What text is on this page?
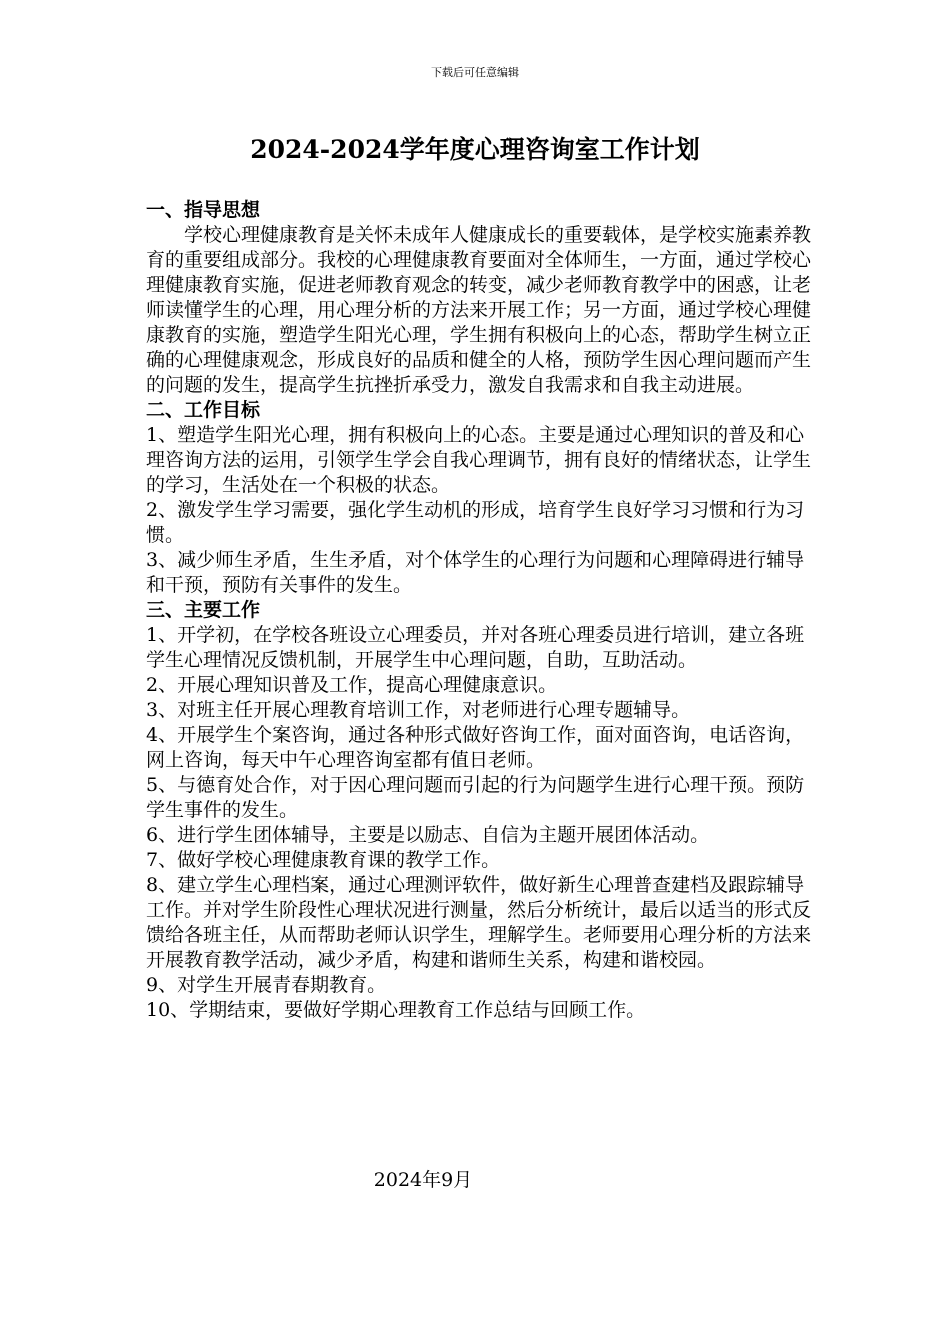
下载后可任意编辑
2024-2024学年度心理咨询室工作计划

一、指导思想

学校心理健康教育是关怀未成年人健康成长的重要载体，是学校实施素养教育的重要组成部分。我校的心理健康教育要面对全体师生，一方面，通过学校心理健康教育实施，促进老师教育观念的转变，减少老师教育教学中的困惑，让老师读懂学生的心理，用心理分析的方法来开展工作；另一方面，通过学校心理健康教育的实施，塑造学生阳光心理，学生拥有积极向上的心态，帮助学生树立正确的心理健康观念，形成良好的品质和健全的人格，预防学生因心理问题而产生的问题的发生，提高学生抗挫折承受力，激发自我需求和自我主动进展。

二、工作目标

1、塑造学生阳光心理，拥有积极向上的心态。主要是通过心理知识的普及和心理咨询方法的运用，引领学生学会自我心理调节，拥有良好的情绪状态，让学生的学习，生活处在一个积极的状态。

2、激发学生学习需要，强化学生动机的形成，培育学生良好学习习惯和行为习惯。

3、减少师生矛盾，生生矛盾，对个体学生的心理行为问题和心理障碍进行辅导和干预，预防有关事件的发生。

三、主要工作

1、开学初，在学校各班设立心理委员，并对各班心理委员进行培训，建立各班学生心理情况反馈机制，开展学生中心理问题，自助，互助活动。

2、开展心理知识普及工作，提高心理健康意识。

3、对班主任开展心理教育培训工作，对老师进行心理专题辅导。

4、开展学生个案咨询，通过各种形式做好咨询工作，面对面咨询，电话咨询，网上咨询，每天中午心理咨询室都有值日老师。

5、与德育处合作，对于因心理问题而引起的行为问题学生进行心理干预。预防学生事件的发生。

6、进行学生团体辅导，主要是以励志、自信为主题开展团体活动。

7、做好学校心理健康教育课的教学工作。

8、建立学生心理档案，通过心理测评软件，做好新生心理普查建档及跟踪辅导工作。并对学生阶段性心理状况进行测量，然后分析统计，最后以适当的形式反馈给各班主任，从而帮助老师认识学生，理解学生。老师要用心理分析的方法来开展教育教学活动，减少矛盾，构建和谐师生关系，构建和谐校园。

9、对学生开展青春期教育。

10、学期结束，要做好学期心理教育工作总结与回顾工作。

2024年9月
